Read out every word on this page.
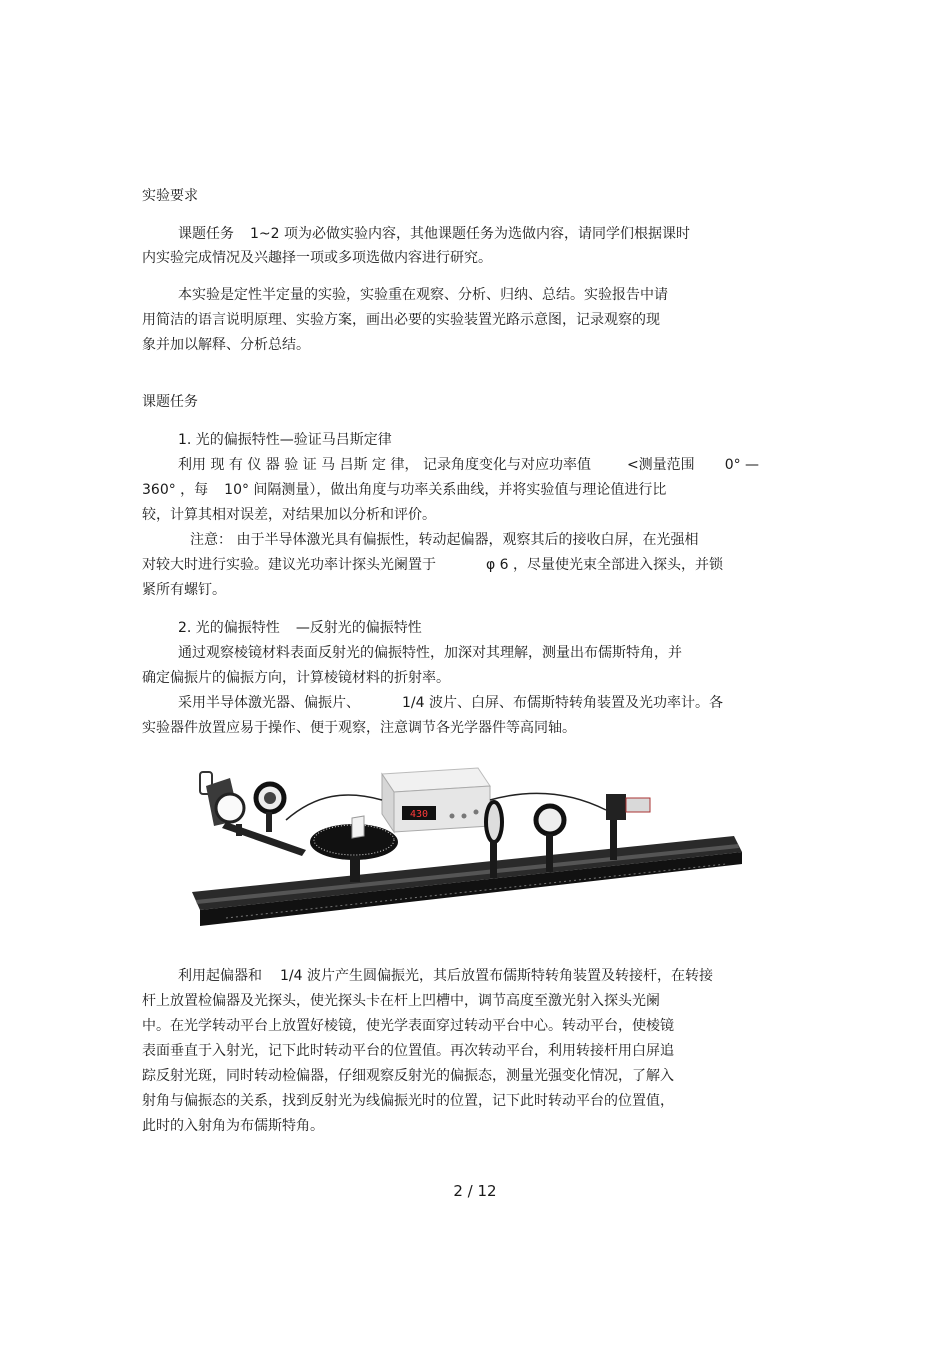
实验要求
课题任务 1~2 项为必做实验内容，其他课题任务为选做内容，请同学们根据课时
内实验完成情况及兴趣择一项或多项选做内容进行研究。
本实验是定性半定量的实验，实验重在观察、分析、归纳、总结。实验报告中请
用简洁的语言说明原理、实验方案，画出必要的实验装置光路示意图，记录观察的现
象并加以解释、分析总结。
课题任务
1. 光的偏振特性—验证马吕斯定律
利用 现 有 仪 器 验 证 马 吕斯 定 律， 记录角度变化与对应功率值	<测量范围 0° —
360° ，每 10° 间隔测量），做出角度与功率关系曲线，并将实验值与理论值进行比
较，计算其相对误差，对结果加以分析和评价。
注意： 由于半导体激光具有偏振性，转动起偏器，观察其后的接收白屏，在光强相
对较大时进行实验。建议光功率计探头光阑置于	φ 6 ，尽量使光束全部进入探头，并锁
紧所有螺钉。
2. 光的偏振特性 —反射光的偏振特性
通过观察棱镜材料表面反射光的偏振特性，加深对其理解，测量出布儒斯特角，并
确定偏振片的偏振方向，计算棱镜材料的折射率。
采用半导体激光器、偏振片、	1/4 波片、白屏、布儒斯特转角装置及光功率计。各
实验器件放置应易于操作、便于观察，注意调节各光学器件等高同轴。
430
利用起偏器和 1/4 波片产生圆偏振光，其后放置布儒斯特转角装置及转接杆，在转接
杆上放置检偏器及光探头，使光探头卡在杆上凹槽中，调节高度至激光射入探头光阑
中。在光学转动平台上放置好棱镜，使光学表面穿过转动平台中心。转动平台，使棱镜
表面垂直于入射光，记下此时转动平台的位置值。再次转动平台，利用转接杆用白屏追
踪反射光斑，同时转动检偏器，仔细观察反射光的偏振态，测量光强变化情况，了解入
射角与偏振态的关系，找到反射光为线偏振光时的位置，记下此时转动平台的位置值，
此时的入射角为布儒斯特角。
2 / 12
